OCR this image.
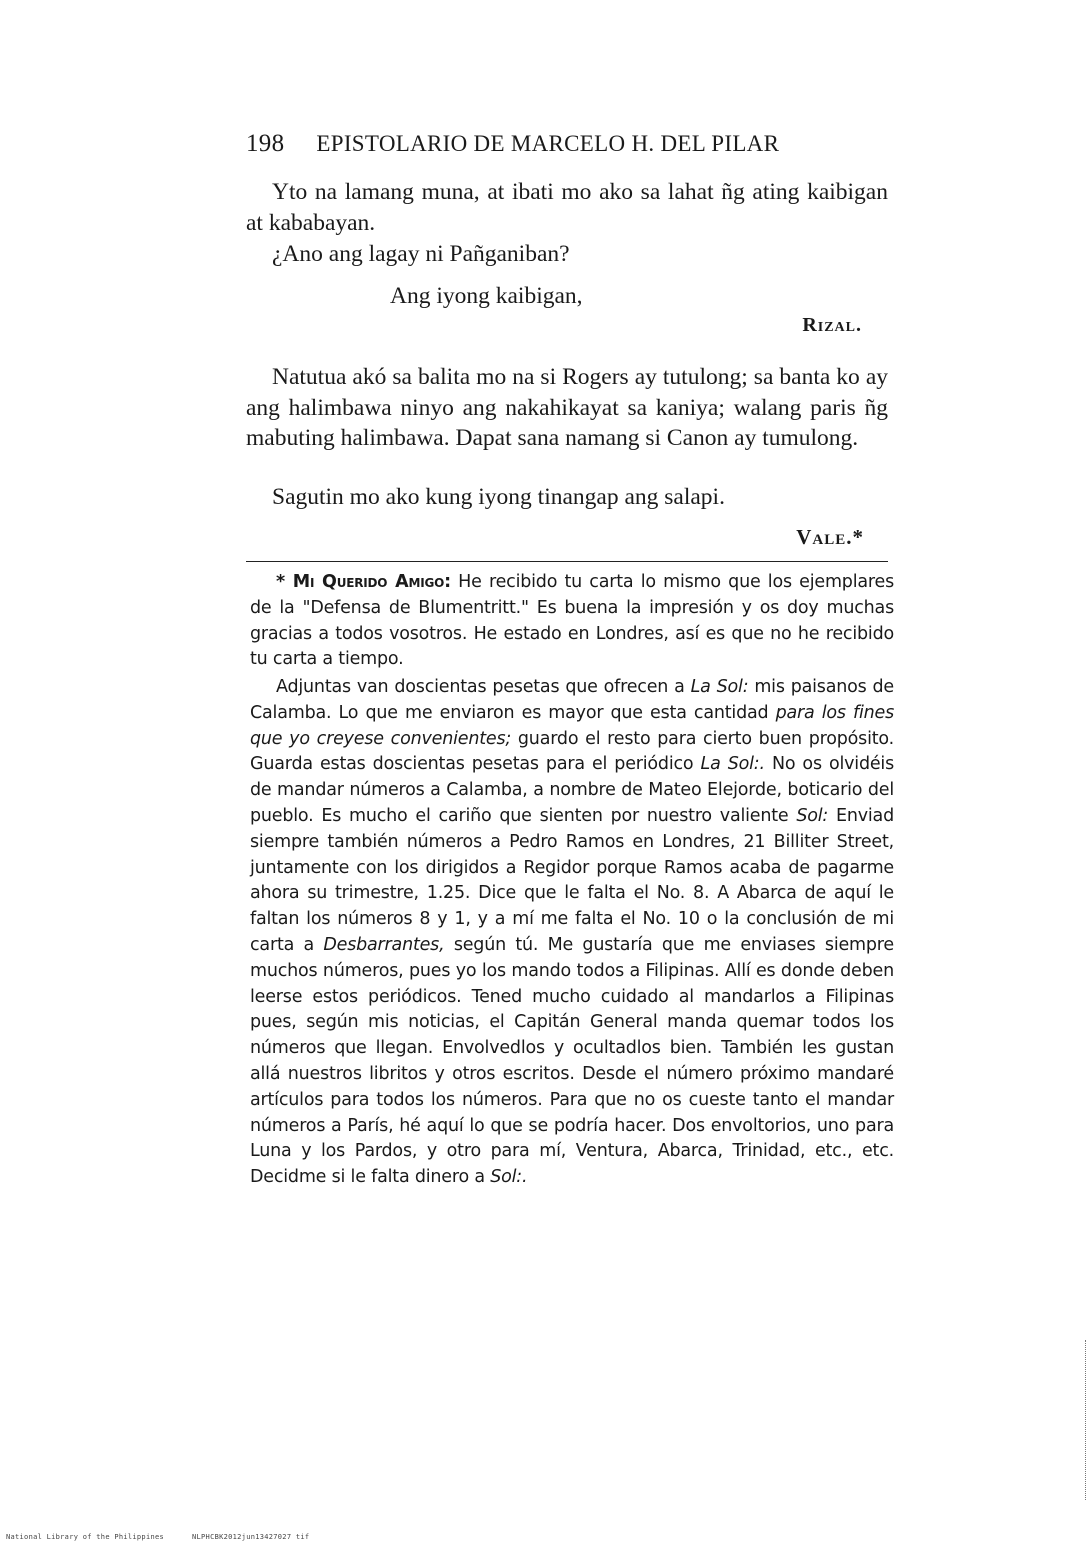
198 EPISTOLARIO DE MARCELO H. DEL PILAR
Yto na lamang muna, at ibati mo ako sa lahat ñg ating kaibigan at kababayan.
¿Ano ang lagay ni Pañganiban?
Ang iyong kaibigan,
Rizal.
Natutua akó sa balita mo na si Rogers ay tutulong; sa banta ko ay ang halimbawa ninyo ang nakahikayat sa kaniya; walang paris ñg mabuting halimbawa. Dapat sana namang si Canon ay tumulong.
Sagutin mo ako kung iyong tinangap ang salapi.
Vale.*
* Mi Querido Amigo: He recibido tu carta lo mismo que los ejemplares de la "Defensa de Blumentritt." Es buena la impresión y os doy muchas gracias a todos vosotros. He estado en Londres, así es que no he recibido tu carta a tiempo.
Adjuntas van doscientas pesetas que ofrecen a La Sol: mis paisanos de Calamba. Lo que me enviaron es mayor que esta cantidad para los fines que yo creyese convenientes; guardo el resto para cierto buen propósito. Guarda estas doscientas pesetas para el periódico La Sol:. No os olvidéis de mandar números a Calamba, a nombre de Mateo Elejorde, boticario del pueblo. Es mucho el cariño que sienten por nuestro valiente Sol: Enviad siempre también números a Pedro Ramos en Londres, 21 Billiter Street, juntamente con los dirigidos a Regidor porque Ramos acaba de pagarme ahora su trimestre, 1.25. Dice que le falta el No. 8. A Abarca de aquí le faltan los números 8 y 1, y a mí me falta el No. 10 o la conclusión de mi carta a Desbarrantes, según tú. Me gustaría que me enviases siempre muchos números, pues yo los mando todos a Filipinas. Allí es donde deben leerse estos periódicos. Tened mucho cuidado al mandarlos a Filipinas pues, según mis noticias, el Capitán General manda quemar todos los números que llegan. Envolvedlos y ocultadlos bien. También les gustan allá nuestros libritos y otros escritos. Desde el número próximo mandaré artículos para todos los números. Para que no os cueste tanto el mandar números a París, hé aquí lo que se podría hacer. Dos envoltorios, uno para Luna y los Pardos, y otro para mí, Ventura, Abarca, Trinidad, etc., etc. Decidme si le falta dinero a Sol:.
National Library of the Philippines	NLPHCBK2012jun13427027 tif
